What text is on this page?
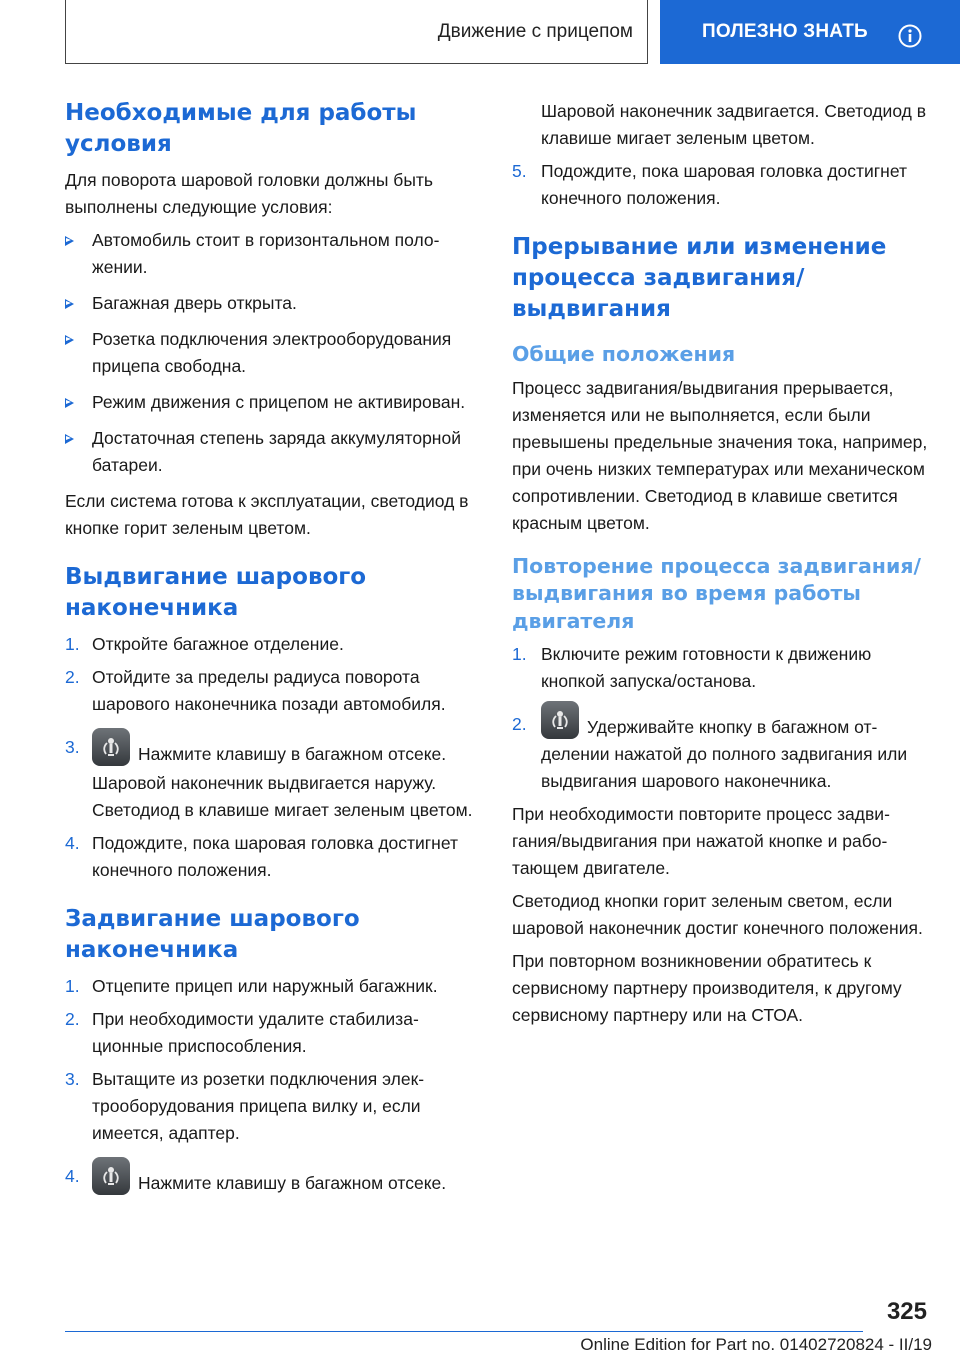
Движение с прицепом	ПОЛЕЗНО ЗНАТЬ
Необходимые для работы условия

Для поворота шаровой головки должны быть выполнены следующие условия:

Автомобиль стоит в горизонтальном положении.
Багажная дверь открыта.
Розетка подключения электрооборудования прицепа свободна.
Режим движения с прицепом не активирован.
Достаточная степень заряда аккумуляторной батареи.

Если система готова к эксплуатации, светодиод в кнопке горит зеленым цветом.

Выдвигание шарового наконечника
1. Откройте багажное отделение.
2. Отойдите за пределы радиуса поворота шарового наконечника позади автомобиля.
3.	Нажмите клавишу в багажном отсеке.
Шаровой наконечник выдвигается наружу. Светодиод в клавише мигает зеленым цветом.
4. Подождите, пока шаровая головка достигнет конечного положения.
Задвигание шарового наконечника
1. Отцепите прицеп или наружный багажник.
2. При необходимости удалите стабилизационные приспособления.
3. Вытащите из розетки подключения электрооборудования прицепа вилку и, если имеется, адаптер.
4.	Нажмите клавишу в багажном отсеке.

Шаровой наконечник задвигается. Светодиод в клавише мигает зеленым цветом.

5. Подождите, пока шаровая головка достигнет конечного положения.
Прерывание или изменение процесса задвигания/ выдвигания
Общие положения

Процесс задвигания/выдвигания прерывается, изменяется или не выполняется, если были превышены предельные значения тока, например, при очень низких температурах или механическом сопротивлении. Светодиод в клавише светится красным цветом.

Повторение процесса задвигания/ выдвигания во время работы двигателя
1. Включите режим готовности к движению кнопкой запуска/останова.
2.	Удерживайте кнопку в багажном отделении нажатой до полного задвигания или выдвигания шарового наконечника.

При необходимости повторите процесс задвигания/выдвигания при нажатой кнопке и работающем двигателе.

Светодиод кнопки горит зеленым светом, если шаровой наконечник достиг конечного положения.

При повторном возникновении обратитесь к сервисному партнеру производителя, к другому сервисному партнеру или на СТОА.

325
Online Edition for Part no. 01402720824 - II/19
